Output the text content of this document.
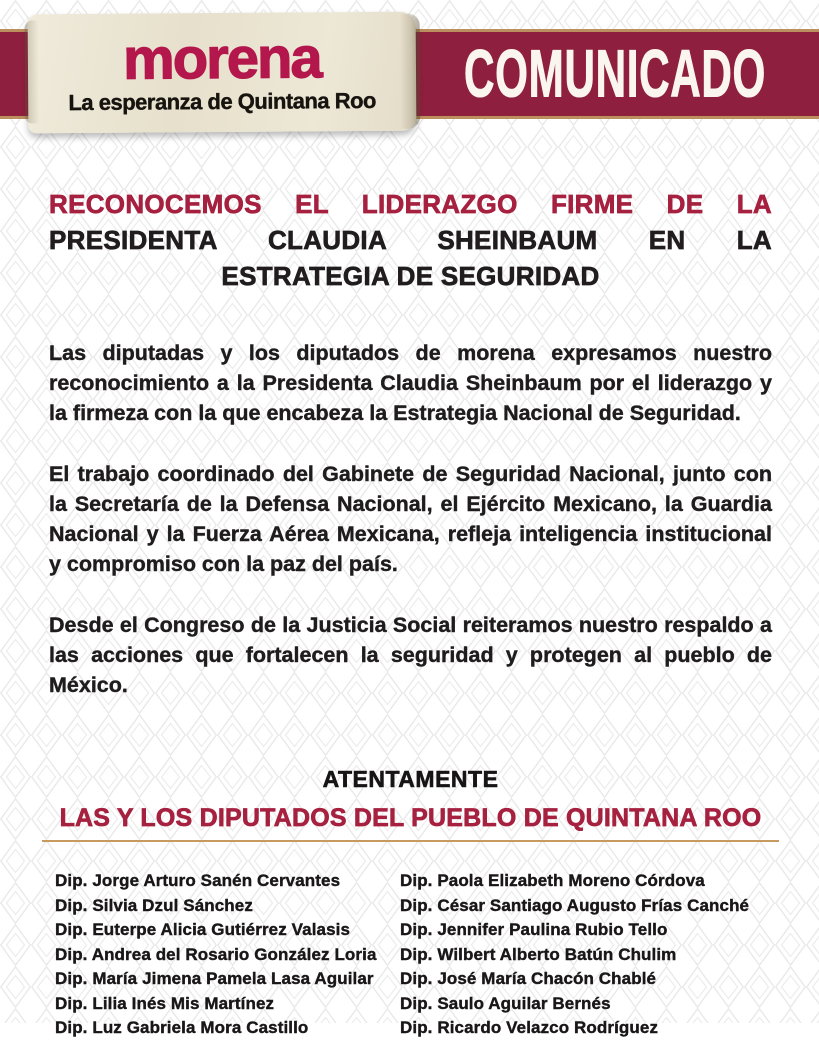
COMUNICADO
morena
La esperanza de Quintana Roo
RECONOCEMOS EL LIDERAZGO FIRME DE LA
PRESIDENTA CLAUDIA SHEINBAUM EN LA
ESTRATEGIA DE SEGURIDAD

Las diputadas y los diputados de morena expresamos nuestro reconocimiento a la Presidenta Claudia Sheinbaum por el liderazgo y la firmeza con la que encabeza la Estrategia Nacional de Seguridad.

El trabajo coordinado del Gabinete de Seguridad Nacional, junto con la Secretaría de la Defensa Nacional, el Ejército Mexicano, la Guardia Nacional y la Fuerza Aérea Mexicana, refleja inteligencia institucional y compromiso con la paz del país.

Desde el Congreso de la Justicia Social reiteramos nuestro respaldo a las acciones que fortalecen la seguridad y protegen al pueblo de México.

ATENTAMENTE
LAS Y LOS DIPUTADOS DEL PUEBLO DE QUINTANA ROO
Dip. Jorge Arturo Sanén Cervantes
Dip. Silvia Dzul Sánchez
Dip. Euterpe Alicia Gutiérrez Valasis
Dip. Andrea del Rosario González Loria
Dip. María Jimena Pamela Lasa Aguilar
Dip. Lilia Inés Mis Martínez
Dip. Luz Gabriela Mora Castillo
Dip. Paola Elizabeth Moreno Córdova
Dip. César Santiago Augusto Frías Canché
Dip. Jennifer Paulina Rubio Tello
Dip. Wilbert Alberto Batún Chulim
Dip. José María Chacón Chablé
Dip. Saulo Aguilar Bernés
Dip. Ricardo Velazco Rodríguez
